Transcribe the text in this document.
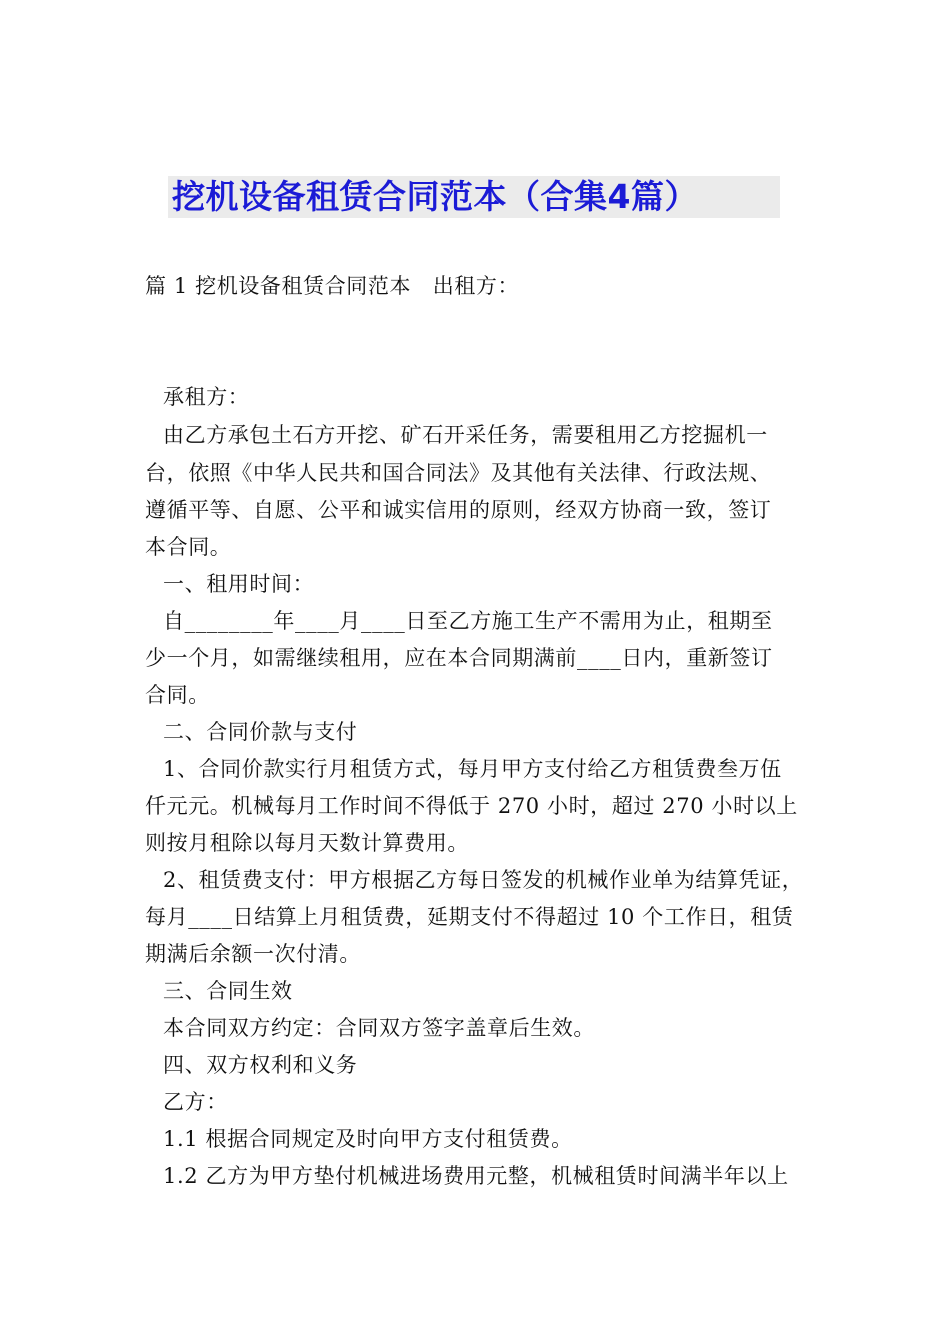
挖机设备租赁合同范本（合集4篇）

篇 1 挖机设备租赁合同范本　出租方：

承租方：

由乙方承包土石方开挖、矿石开采任务，需要租用乙方挖掘机一

台，依照《中华人民共和国合同法》及其他有关法律、行政法规、

遵循平等、自愿、公平和诚实信用的原则，经双方协商一致，签订

本合同。

一、租用时间：

自________年____月____日至乙方施工生产不需用为止，租期至

少一个月，如需继续租用，应在本合同期满前____日内，重新签订

合同。

二、合同价款与支付

1、合同价款实行月租赁方式，每月甲方支付给乙方租赁费叁万伍

仟元元。机械每月工作时间不得低于 270 小时，超过 270 小时以上

则按月租除以每月天数计算费用。

2、租赁费支付：甲方根据乙方每日签发的机械作业单为结算凭证，

每月____日结算上月租赁费，延期支付不得超过 10 个工作日，租赁

期满后余额一次付清。

三、合同生效

本合同双方约定：合同双方签字盖章后生效。

四、双方权利和义务

乙方：

1.1 根据合同规定及时向甲方支付租赁费。

1.2 乙方为甲方垫付机械进场费用元整，机械租赁时间满半年以上
